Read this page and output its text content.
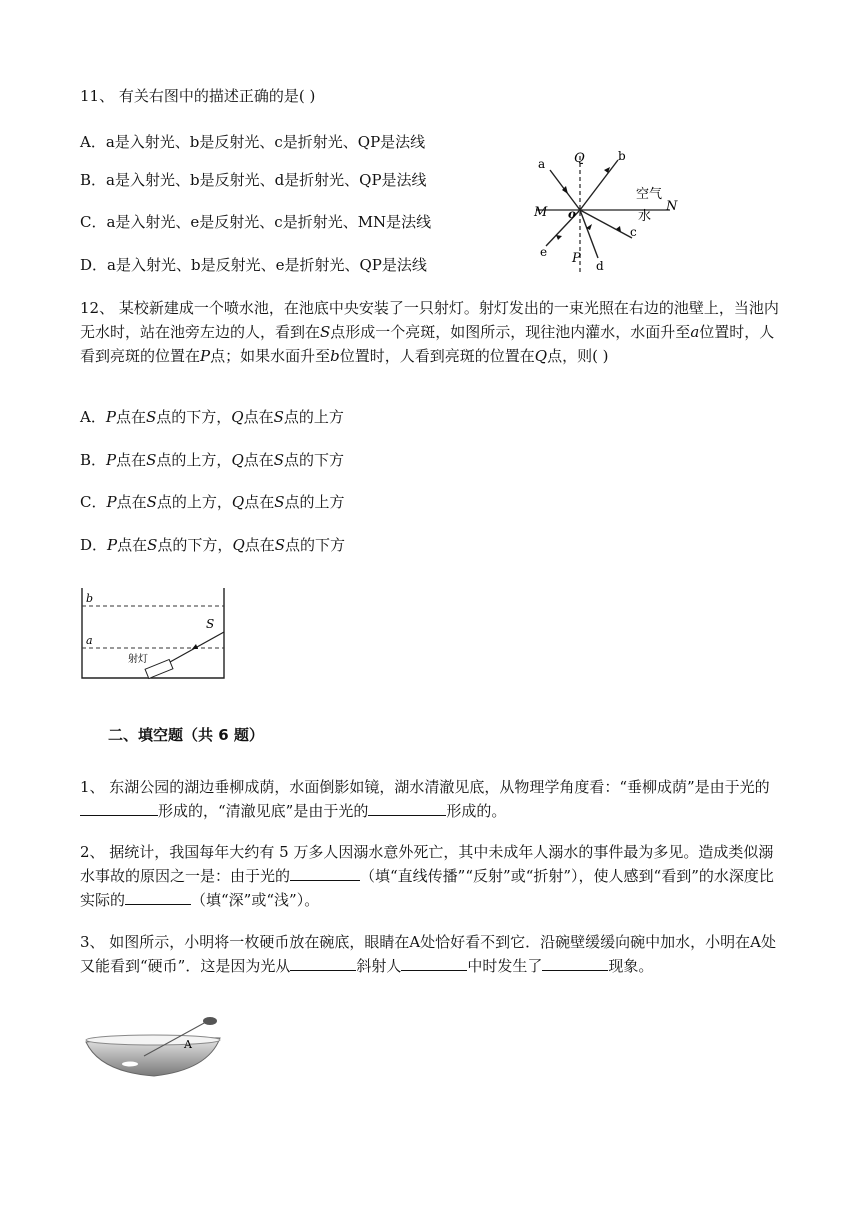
11、 有关右图中的描述正确的是( )
A．a是入射光、b是反射光、c是折射光、QP是法线
B．a是入射光、b是反射光、d是折射光、QP是法线
C．a是入射光、e是反射光、c是折射光、MN是法线
D．a是入射光、b是反射光、e是折射光、QP是法线
a
b
c
d
e
Q
P
M	N
o
空气
水
12、 某校新建成一个喷水池，在池底中央安装了一只射灯。射灯发出的一束光照在右边的池壁上，当池内无水时，站在池旁左边的人，看到在S点形成一个亮斑，如图所示，现往池内灌水，水面升至a位置时，人看到亮斑的位置在P点；如果水面升至b位置时，人看到亮斑的位置在Q点，则( )
A．P点在S点的下方，Q点在S点的上方
B．P点在S点的上方，Q点在S点的下方
C．P点在S点的上方，Q点在S点的上方
D．P点在S点的下方，Q点在S点的下方
b
a
S
射灯
二、填空题（共 6 题）
1、 东湖公园的湖边垂柳成荫，水面倒影如镜，湖水清澈见底，从物理学角度看：“垂柳成荫”是由于光的形成的，“清澈见底”是由于光的	形成的。
2、 据统计，我国每年大约有 5 万多人因溺水意外死亡，其中未成年人溺水的事件最为多见。造成类似溺水事故的原因之一是：由于光的	（填“直线传播”“反射”或“折射”），使人感到“看到”的水深度比实际的	（填“深”或“浅”）。
3、 如图所示，小明将一枚硬币放在碗底，眼睛在A处恰好看不到它．沿碗壁缓缓向碗中加水，小明在A处又能看到“硬币”．这是因为光从	斜射人	中时发生了	现象。
A
